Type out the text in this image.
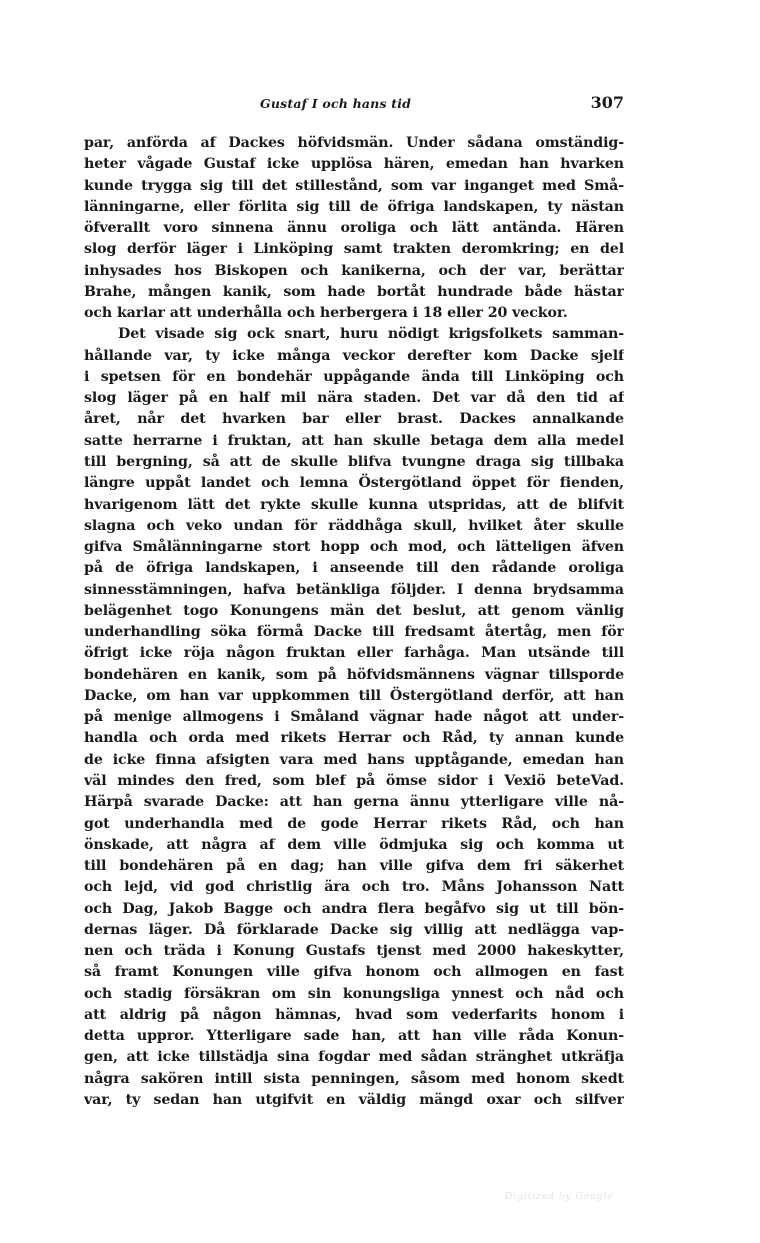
Gustaf I och hans tid	307
par, anförda af Dackes höfvidsmän. Under sådana omständig-
heter vågade Gustaf icke upplösa hären, emedan han hvarken
kunde trygga sig till det stillestånd, som var inganget med Små-
länningarne, eller förlita sig till de öfriga landskapen, ty nästan
öfverallt voro sinnena ännu oroliga och lätt antända. Hären
slog derför läger i Linköping samt trakten deromkring; en del
inhysades hos Biskopen och kanikerna, och der var, berättar
Brahe, mången kanik, som hade bortåt hundrade både hästar
och karlar att underhålla och herbergera i 18 eller 20 veckor.
Det visade sig ock snart, huru nödigt krigsfolkets samman-
hållande var, ty icke många veckor derefter kom Dacke sjelf
i spetsen för en bondehär uppågande ända till Linköping och
slog läger på en half mil nära staden. Det var då den tid af
året, når det hvarken bar eller brast. Dackes annalkande
satte herrarne i fruktan, att han skulle betaga dem alla medel
till bergning, så att de skulle blifva tvungne draga sig tillbaka
längre uppåt landet och lemna Östergötland öppet för fienden,
hvarigenom lätt det rykte skulle kunna utspridas, att de blifvit
slagna och veko undan för räddhåga skull, hvilket åter skulle
gifva Smålänningarne stort hopp och mod, och lätteligen äfven
på de öfriga landskapen, i anseende till den rådande oroliga
sinnesstämningen, hafva betänkliga följder. I denna brydsamma
belägenhet togo Konungens män det beslut, att genom vänlig
underhandling söka förmå Dacke till fredsamt återtåg, men för
öfrigt icke röja någon fruktan eller farhåga. Man utsände till
bondehären en kanik, som på höfvidsmännens vägnar tillsporde
Dacke, om han var uppkommen till Östergötland derför, att han
på menige allmogens i Småland vägnar hade något att under-
handla och orda med rikets Herrar och Råd, ty annan kunde
de icke finna afsigten vara med hans upptågande, emedan han
väl mindes den fred, som blef på ömse sidor i Vexiö beteVad.
Härpå svarade Dacke: att han gerna ännu ytterligare ville nå-
got underhandla med de gode Herrar rikets Råd, och han
önskade, att några af dem ville ödmjuka sig och komma ut
till bondehären på en dag; han ville gifva dem fri säkerhet
och lejd, vid god christlig ära och tro. Måns Johansson Natt
och Dag, Jakob Bagge och andra flera begåfvo sig ut till bön-
dernas läger. Då förklarade Dacke sig villig att nedlägga vap-
nen och träda i Konung Gustafs tjenst med 2000 hakeskytter,
så framt Konungen ville gifva honom och allmogen en fast
och stadig försäkran om sin konungsliga ynnest och nåd och
att aldrig på någon hämnas, hvad som vederfarits honom i
detta uppror. Ytterligare sade han, att han ville råda Konun-
gen, att icke tillstädja sina fogdar med sådan stränghet utkräfja
några sakören intill sista penningen, såsom med honom skedt
var, ty sedan han utgifvit en väldig mängd oxar och silfver
Digitized by Google
